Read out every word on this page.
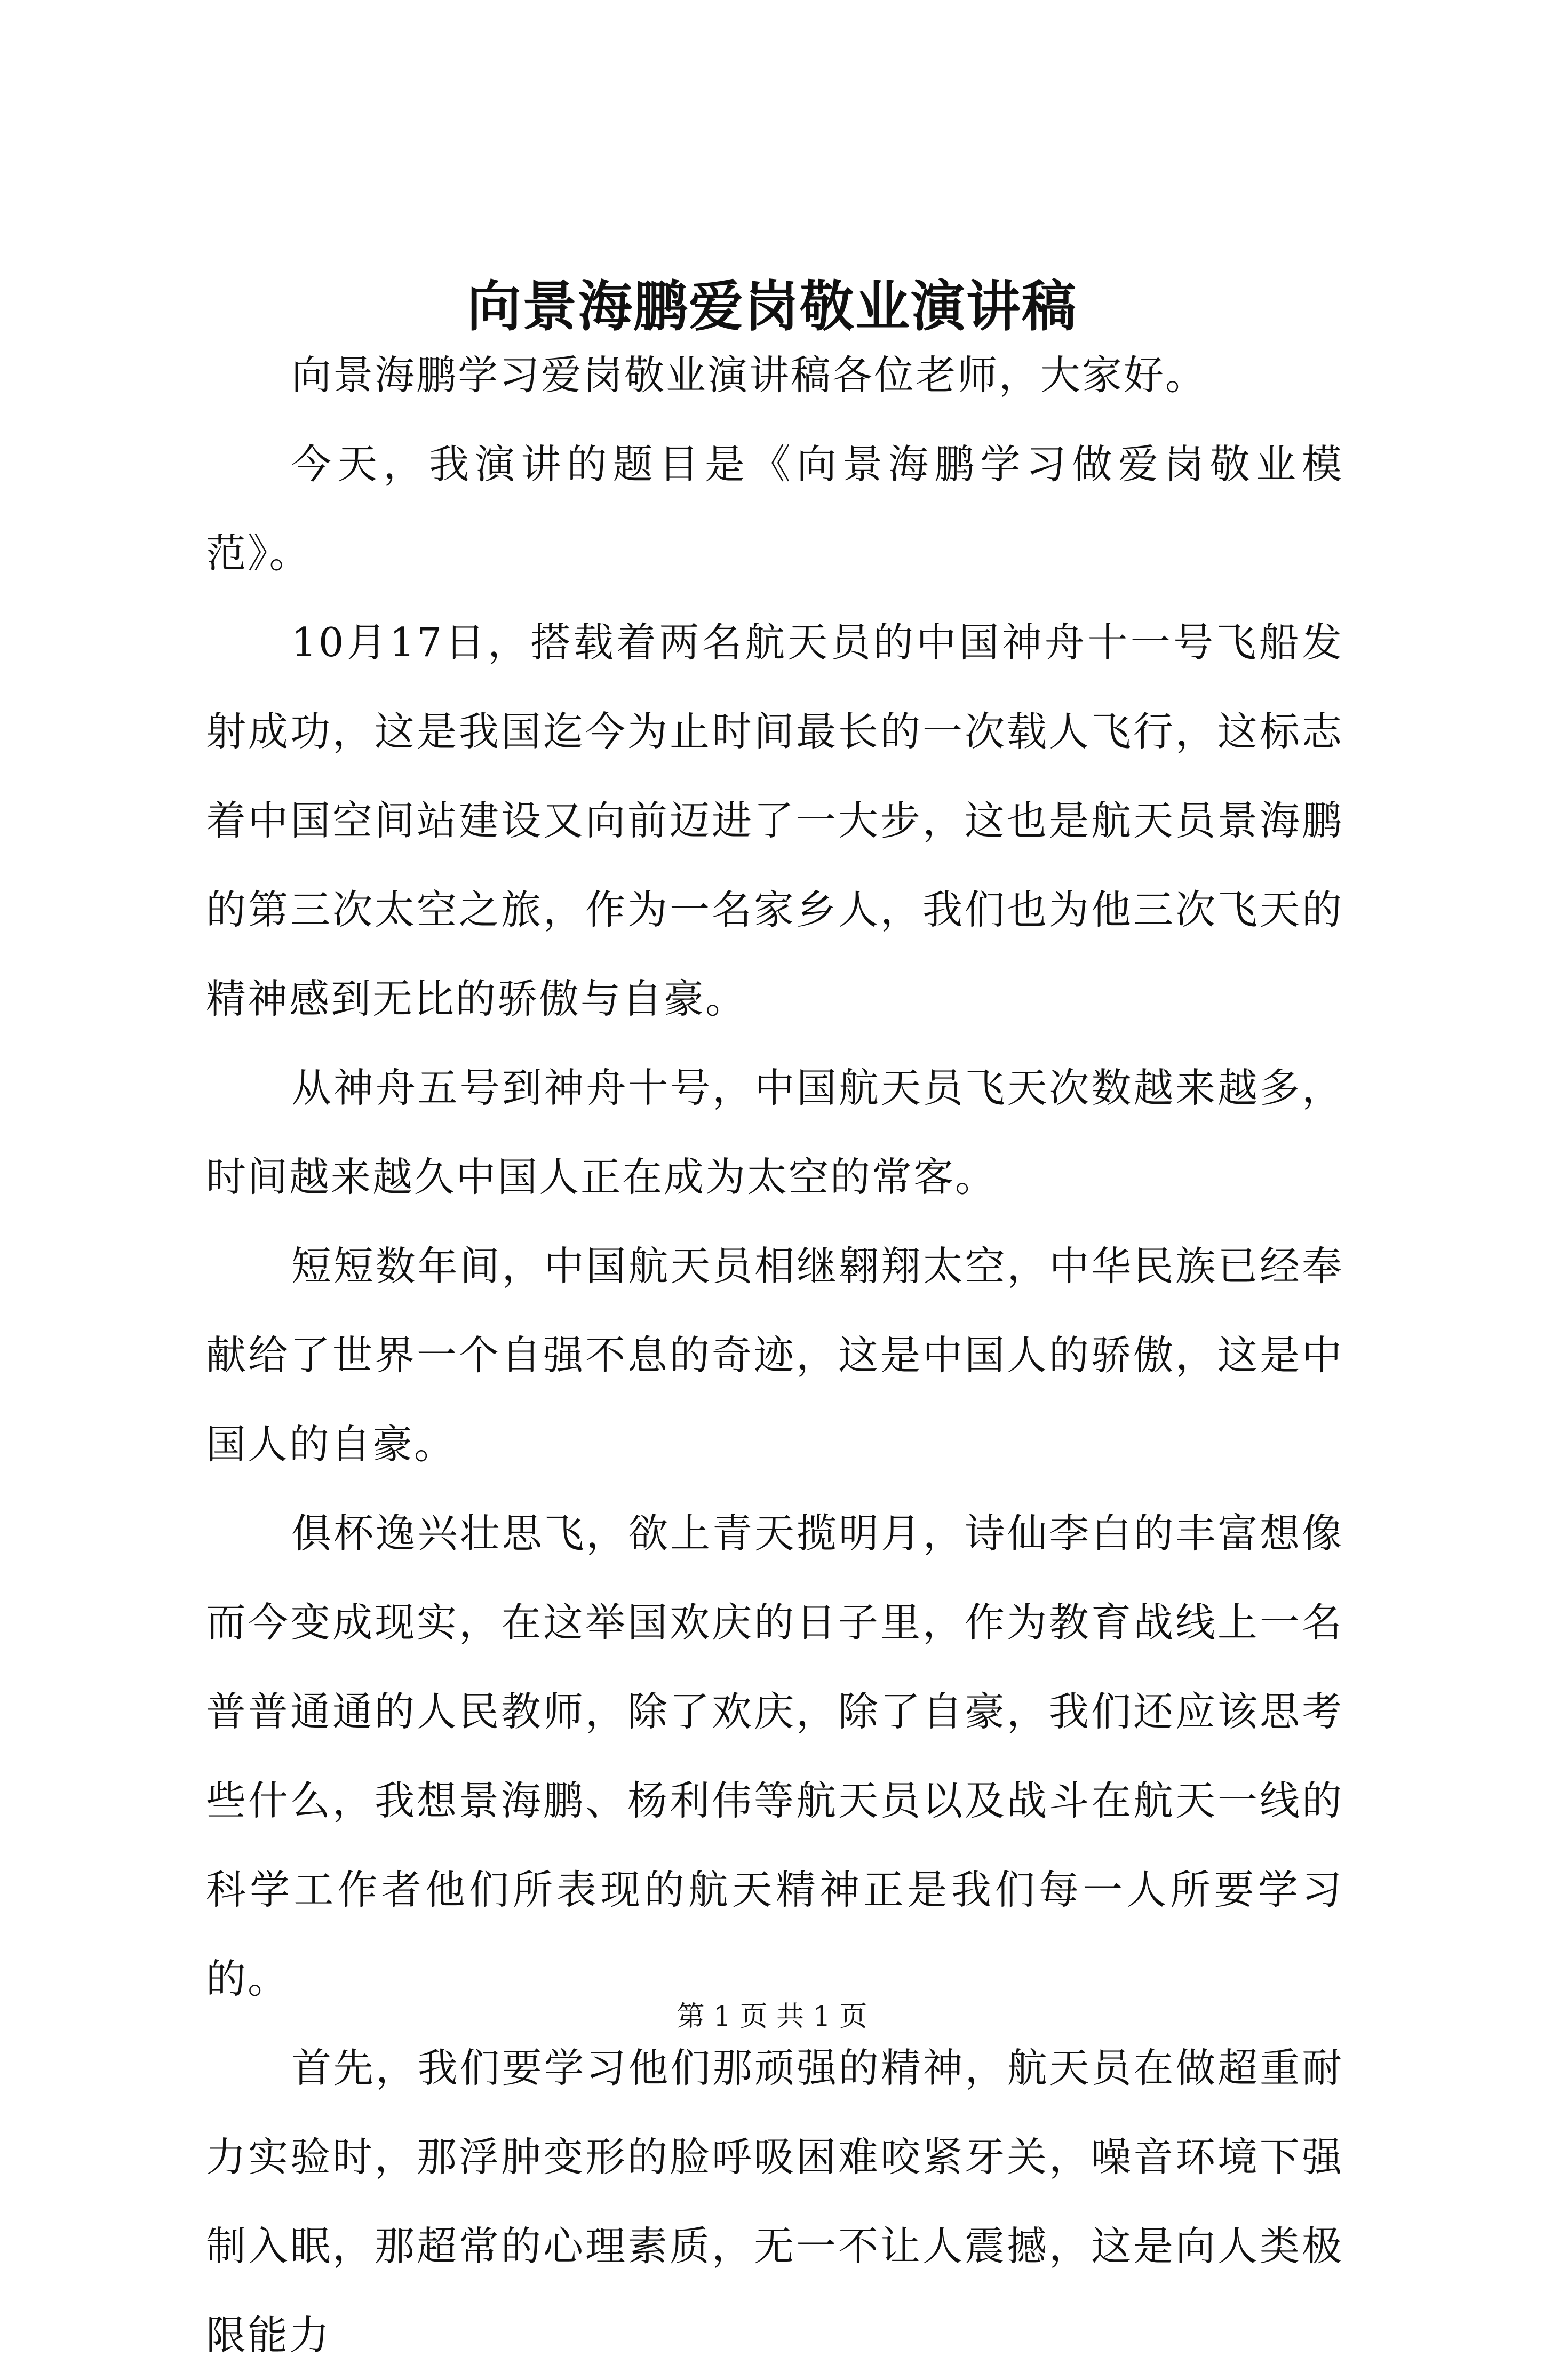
向景海鹏爱岗敬业演讲稿

向景海鹏学习爱岗敬业演讲稿各位老师，大家好。

今天，我演讲的题目是《向景海鹏学习做爱岗敬业模范》。

10月17日，搭载着两名航天员的中国神舟十一号飞船发射成功，这是我国迄今为止时间最长的一次载人飞行，这标志着中国空间站建设又向前迈进了一大步，这也是航天员景海鹏的第三次太空之旅，作为一名家乡人，我们也为他三次飞天的精神感到无比的骄傲与自豪。

从神舟五号到神舟十号，中国航天员飞天次数越来越多，时间越来越久中国人正在成为太空的常客。

短短数年间，中国航天员相继翱翔太空，中华民族已经奉献给了世界一个自强不息的奇迹，这是中国人的骄傲，这是中国人的自豪。

俱杯逸兴壮思飞，欲上青天揽明月，诗仙李白的丰富想像而今变成现实，在这举国欢庆的日子里，作为教育战线上一名普普通通的人民教师，除了欢庆，除了自豪，我们还应该思考些什么，我想景海鹏、杨利伟等航天员以及战斗在航天一线的科学工作者他们所表现的航天精神正是我们每一人所要学习的。

首先，我们要学习他们那顽强的精神，航天员在做超重耐力实验时，那浮肿变形的脸呼吸困难咬紧牙关，噪音环境下强制入眠，那超常的心理素质，无一不让人震撼，这是向人类极限能力

第 1 页 共 1 页
